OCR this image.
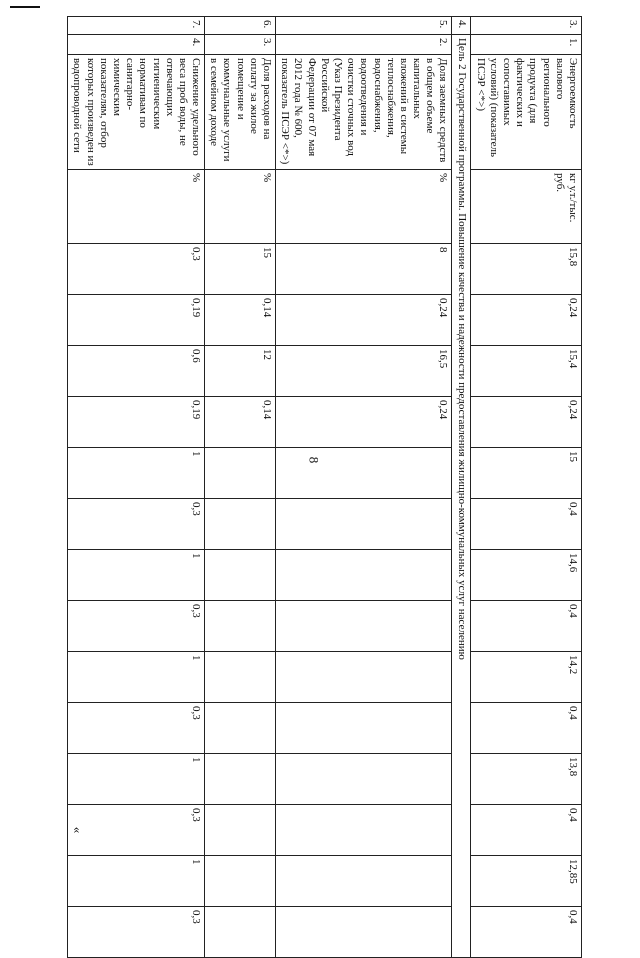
8
«
3.	1.	Энергоемкость валового регионального продукта (для фактических и сопоставимых условий) (показатель ПСЭР <*>)	кг у.т./тыс. руб.	15,8	0,24	15,4	0,24	15	0,4	14,6	0,4	14,2	0,4	13,8	0,4	12,85	0,4
4.	Цель 2 Государственной программы. Повышение качества и надежности предоставления жилищно-коммунальных услуг населению																
5.	2.	Доля заемных средств в общем объеме капитальных вложений в системы теплоснабжения, водоснабжения, водоотведения и очистки сточных вод (Указ Президента Российской Федерации от 07 мая 2012 года № 600, показатель ПСЭР <*>)	%	8	0,24	16,5	0,24										
6.	3.	Доля расходов на оплату за жилое помещение и коммунальные услуги в семейном доходе	%	15	0,14	12	0,14										
7.	4.	Снижение удельного веса проб воды, не отвечающих гигиеническим нормативам по санитарно-химическим показателям, отбор которых произведен из водопроводной сети	%	0,3	0,19	0,6	0,19	1	0,3	1	0,3	1	0,3	1	0,3	1	0,3
